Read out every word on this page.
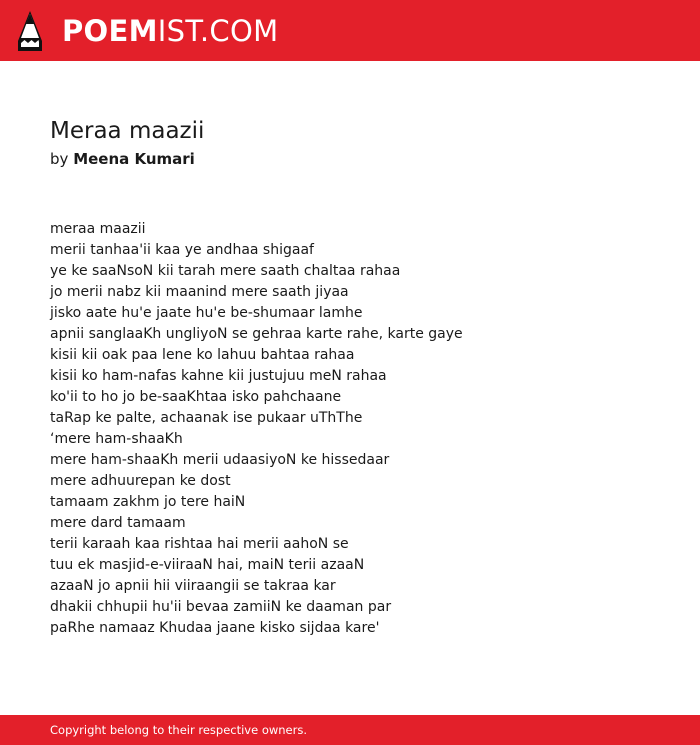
POEMIST.COM
Meraa maazii
by Meena Kumari
meraa maazii
merii tanhaa'ii kaa ye andhaa shigaaf
ye ke saaNsoN kii tarah mere saath chaltaa rahaa
jo merii nabz kii maanind mere saath jiyaa
jisko aate hu'e jaate hu'e be-shumaar lamhe
apnii sanglaaKh ungliyoN se gehraa karte rahe, karte gaye
kisii kii oak paa lene ko lahuu bahtaa rahaa
kisii ko ham-nafas kahne kii justujuu meN rahaa
ko'ii to ho jo be-saaKhtaa isko pahchaane
taRap ke palte, achaanak ise pukaar uThThe
‘mere ham-shaaKh
mere ham-shaaKh merii udaasiyoN ke hissedaar
mere adhuurepan ke dost
tamaam zakhm jo tere haiN
mere dard tamaam
terii karaah kaa rishtaa hai merii aahoN se
tuu ek masjid-e-viiraaN hai, maiN terii azaaN
azaaN jo apnii hii viiraangii se takraa kar
dhakii chhupii hu'ii bevaa zamiiN ke daaman par
paRhe namaaz Khudaa jaane kisko sijdaa kare'
Copyright belong to their respective owners.
